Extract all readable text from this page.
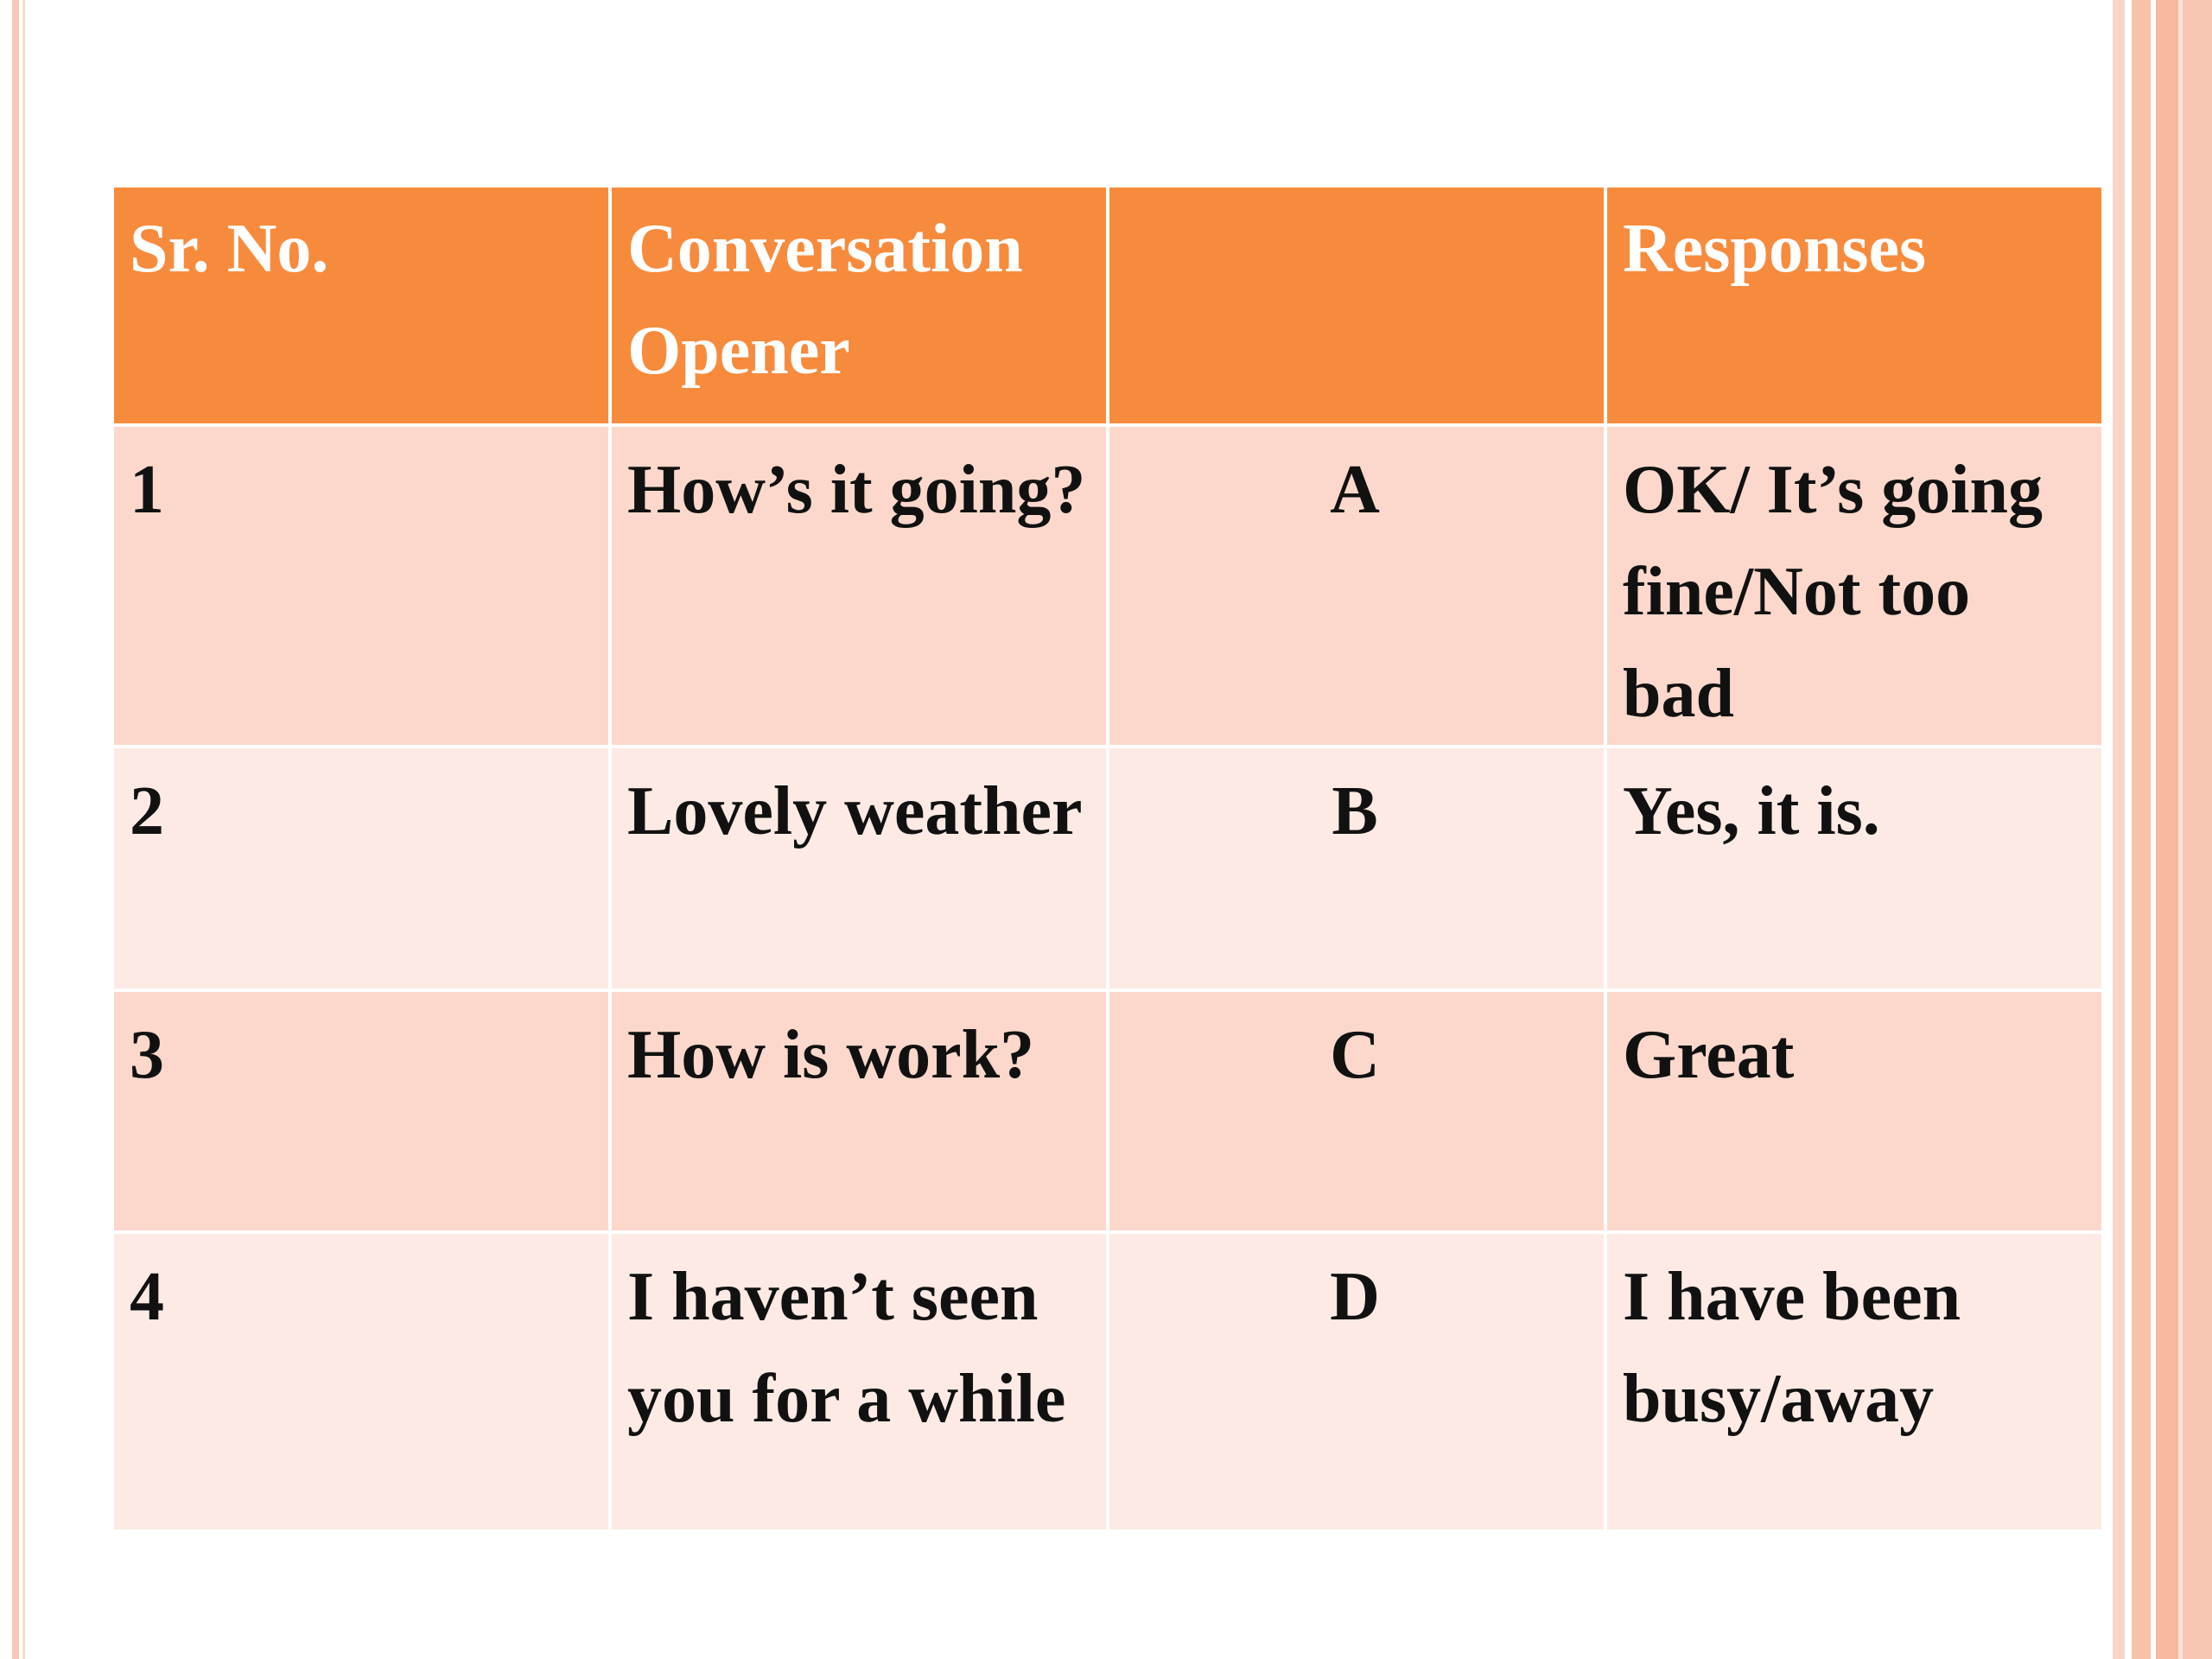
Sr. No.	Conversation Opener		Responses
1	How’s it going?	A	OK/ It’s going fine/Not too bad
2	Lovely weather	B	Yes, it is.
3	How is work?	C	Great
4	I haven’t seen you for a while	D	I have been busy/away
